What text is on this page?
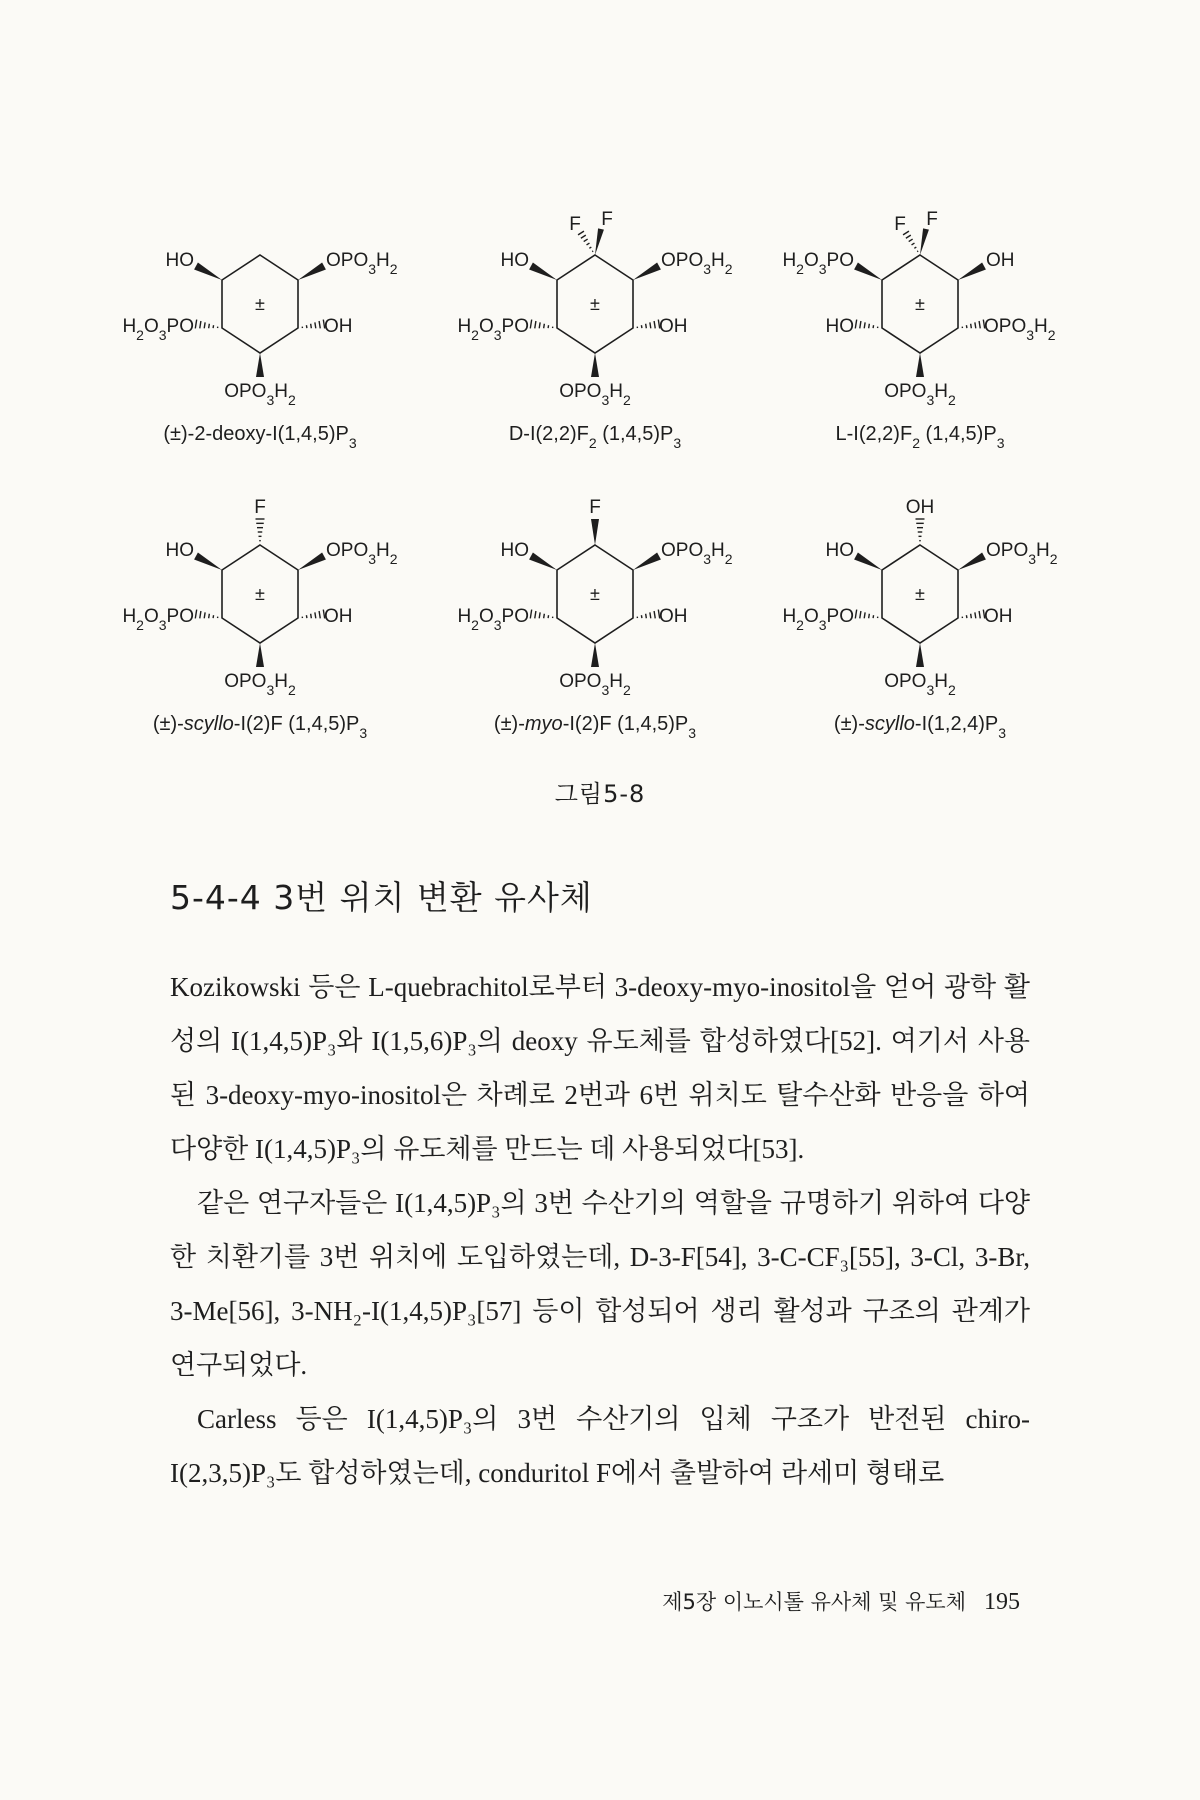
±
HO	$OPO_3H_2$
$H_2O_3PO$	OH
$OPO_3H_2$
$(\pm)-2-deoxy-I(1,4,5)P_3$
±
HO	$OPO_3H_2$
$H_2O_3PO$	OH
$OPO_3H_2$
F F
$D-I(2,2)F_2$ $(1,4,5)P_3$
±
$H_2O_3PO$	OH
HO	$OPO_3H_2$
$OPO_3H_2$
F F
$L-I(2,2)F_2$ $(1,4,5)P_3$
±
HO	$OPO_3H_2$
$H_2O_3PO$	OH
$OPO_3H_2$
F
(±)-scyllo-I(2)F $(1,4,5)P_3$
±
HO	$OPO_3H_2$
$H_2O_3PO$	OH
$OPO_3H_2$
F
(±)-myo-I(2)F $(1,4,5)P_3$
±
HO	$OPO_3H_2$
$H_2O_3PO$	OH
$OPO_3H_2$
OH
$(\pm)-scyllo-I(1,2,4)P_3$
그림5-8
5-4-4 3번 위치 변환 유사체

Kozikowski 등은 L-quebrachitol로부터 3-deoxy-myo-inositol을 얻어 광학 활성의 I(1,4,5)P₃와 I(1,5,6)P₃의 deoxy 유도체를 합성하였다[52]. 여기서 사용된 3-deoxy-myo-inositol은 차례로 2번과 6번 위치도 탈수산화 반응을 하여 다양한 I(1,4,5)P₃의 유도체를 만드는 데 사용되었다[53].

같은 연구자들은 I(1,4,5)P₃의 3번 수산기의 역할을 규명하기 위하여 다양한 치환기를 3번 위치에 도입하였는데, D-3-F[54], 3-C-CF₃[55], 3-Cl, 3-Br, 3-Me[56], 3-NH₂-I(1,4,5)P₃[57] 등이 합성되어 생리 활성과 구조의 관계가 연구되었다.

Carless 등은 I(1,4,5)P₃의 3번 수산기의 입체 구조가 반전된 chiro-I(2,3,5)P₃도 합성하였는데, conduritol F에서 출발하여 라세미 형태로

제5장 이노시톨 유사체 및 유도체 195
